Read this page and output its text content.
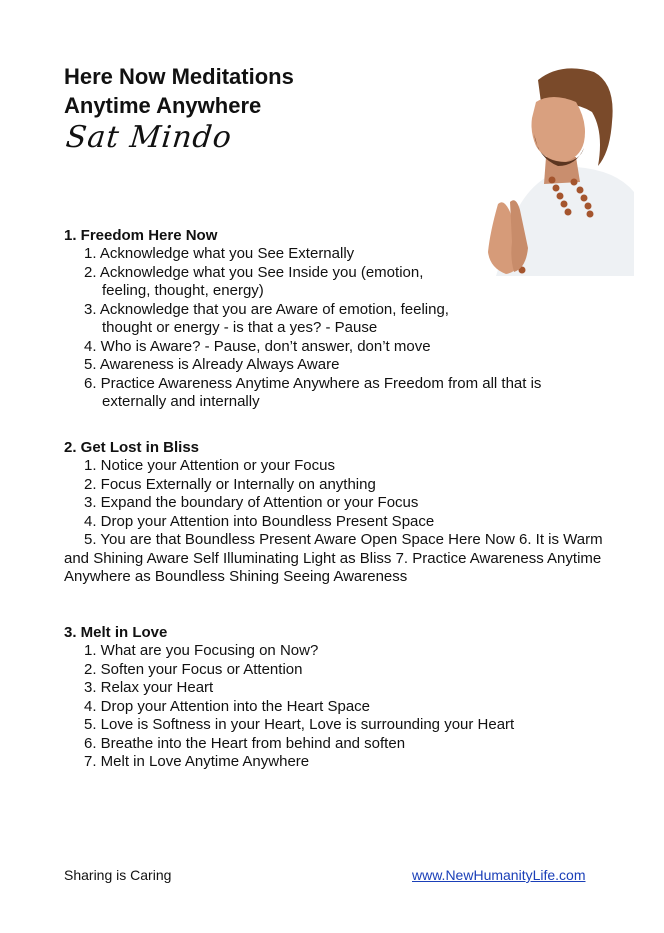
Here Now Meditations
Anytime Anywhere
Sat Mindo
1. Freedom Here Now
1. Acknowledge what you See Externally
2. Acknowledge what you See Inside you (emotion, feeling, thought, energy)
3. Acknowledge that you are Aware of emotion, feeling, thought or energy - is that a yes? - Pause
4. Who is Aware? - Pause, don’t answer, don’t move
5. Awareness is Already Always Aware
6. Practice Awareness Anytime Anywhere as Freedom from all that is externally and internally
2. Get Lost in Bliss
1. Notice your Attention or your Focus
2. Focus Externally or Internally on anything
3. Expand the boundary of Attention or your Focus
4. Drop your Attention into Boundless Present Space

5. You are that Boundless Present Aware Open Space Here Now 6. It is Warm and Shining Aware Self Illuminating Light as Bliss 7. Practice Awareness Anytime Anywhere as Boundless Shining Seeing Awareness

3. Melt in Love
1. What are you Focusing on Now?
2. Soften your Focus or Attention
3. Relax your Heart
4. Drop your Attention into the Heart Space
5. Love is Softness in your Heart, Love is surrounding your Heart
6. Breathe into the Heart from behind and soften
7. Melt in Love Anytime Anywhere
Sharing is Caring	www.NewHumanityLife.com
